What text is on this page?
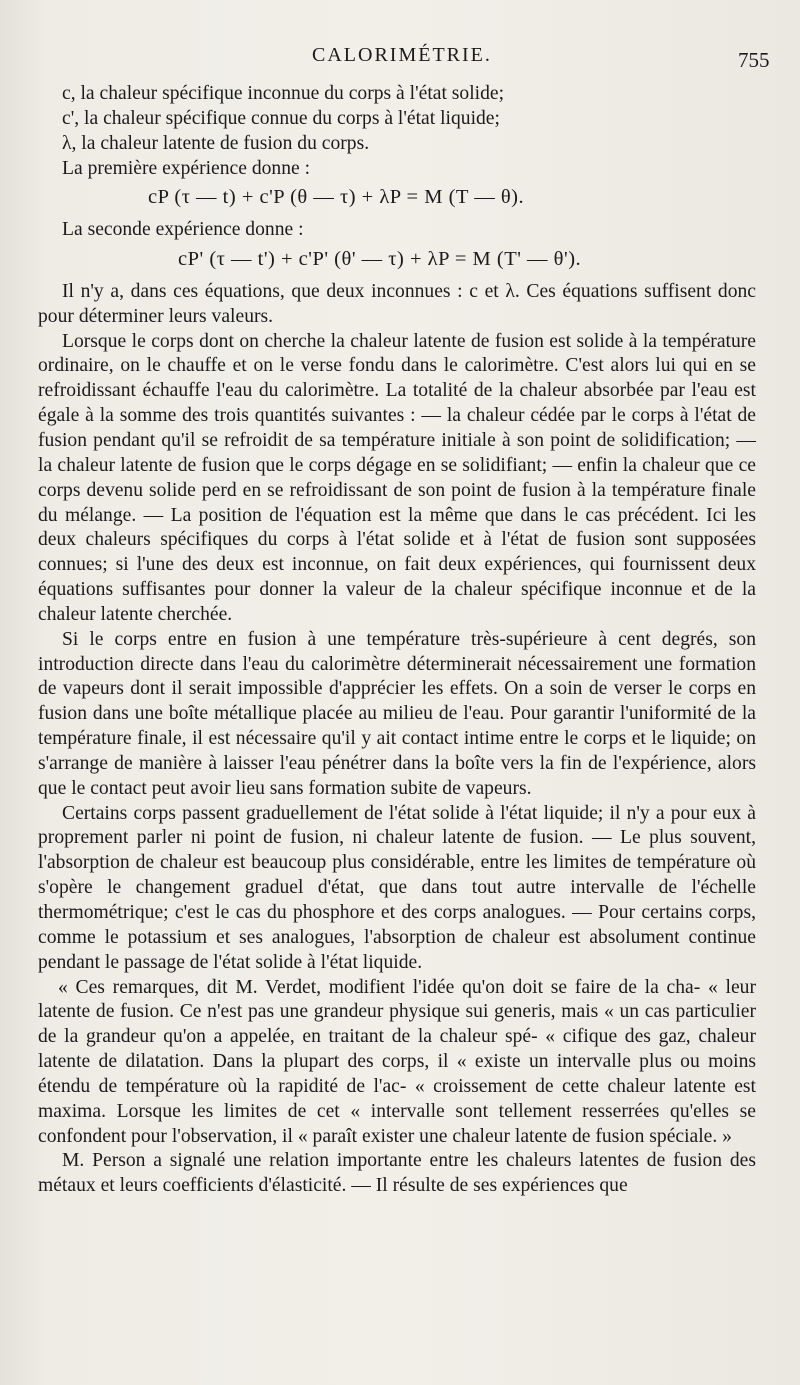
CALORIMÉTRIE.	755

c, la chaleur spécifique inconnue du corps à l'état solide;

c', la chaleur spécifique connue du corps à l'état liquide;

λ, la chaleur latente de fusion du corps.

La première expérience donne :

cP (τ — t) + c'P (θ — τ) + λP = M (T — θ).

La seconde expérience donne :

cP' (τ — t') + c'P' (θ' — τ) + λP = M (T' — θ').

Il n'y a, dans ces équations, que deux inconnues : c et λ. Ces équations suffisent donc pour déterminer leurs valeurs.

Lorsque le corps dont on cherche la chaleur latente de fusion est solide à la température ordinaire, on le chauffe et on le verse fondu dans le calorimètre. C'est alors lui qui en se refroidissant échauffe l'eau du calorimètre. La totalité de la chaleur absorbée par l'eau est égale à la somme des trois quantités suivantes : — la chaleur cédée par le corps à l'état de fusion pendant qu'il se refroidit de sa température initiale à son point de solidification; — la chaleur latente de fusion que le corps dégage en se solidifiant; — enfin la chaleur que ce corps devenu solide perd en se refroidissant de son point de fusion à la température finale du mélange. — La position de l'équation est la même que dans le cas précédent. Ici les deux chaleurs spécifiques du corps à l'état solide et à l'état de fusion sont supposées connues; si l'une des deux est inconnue, on fait deux expériences, qui fournissent deux équations suffisantes pour donner la valeur de la chaleur spécifique inconnue et de la chaleur latente cherchée.

Si le corps entre en fusion à une température très-supérieure à cent degrés, son introduction directe dans l'eau du calorimètre déterminerait nécessairement une formation de vapeurs dont il serait impossible d'apprécier les effets. On a soin de verser le corps en fusion dans une boîte métallique placée au milieu de l'eau. Pour garantir l'uniformité de la température finale, il est nécessaire qu'il y ait contact intime entre le corps et le liquide; on s'arrange de manière à laisser l'eau pénétrer dans la boîte vers la fin de l'expérience, alors que le contact peut avoir lieu sans formation subite de vapeurs.

Certains corps passent graduellement de l'état solide à l'état liquide; il n'y a pour eux à proprement parler ni point de fusion, ni chaleur latente de fusion. — Le plus souvent, l'absorption de chaleur est beaucoup plus considérable, entre les limites de température où s'opère le changement graduel d'état, que dans tout autre intervalle de l'échelle thermométrique; c'est le cas du phosphore et des corps analogues. — Pour certains corps, comme le potassium et ses analogues, l'absorption de chaleur est absolument continue pendant le passage de l'état solide à l'état liquide.

« Ces remarques, dit M. Verdet, modifient l'idée qu'on doit se faire de la cha- « leur latente de fusion. Ce n'est pas une grandeur physique sui generis, mais « un cas particulier de la grandeur qu'on a appelée, en traitant de la chaleur spé- « cifique des gaz, chaleur latente de dilatation. Dans la plupart des corps, il « existe un intervalle plus ou moins étendu de température où la rapidité de l'ac- « croissement de cette chaleur latente est maxima. Lorsque les limites de cet « intervalle sont tellement resserrées qu'elles se confondent pour l'observation, il « paraît exister une chaleur latente de fusion spéciale. »

M. Person a signalé une relation importante entre les chaleurs latentes de fusion des métaux et leurs coefficients d'élasticité. — Il résulte de ses expériences que
